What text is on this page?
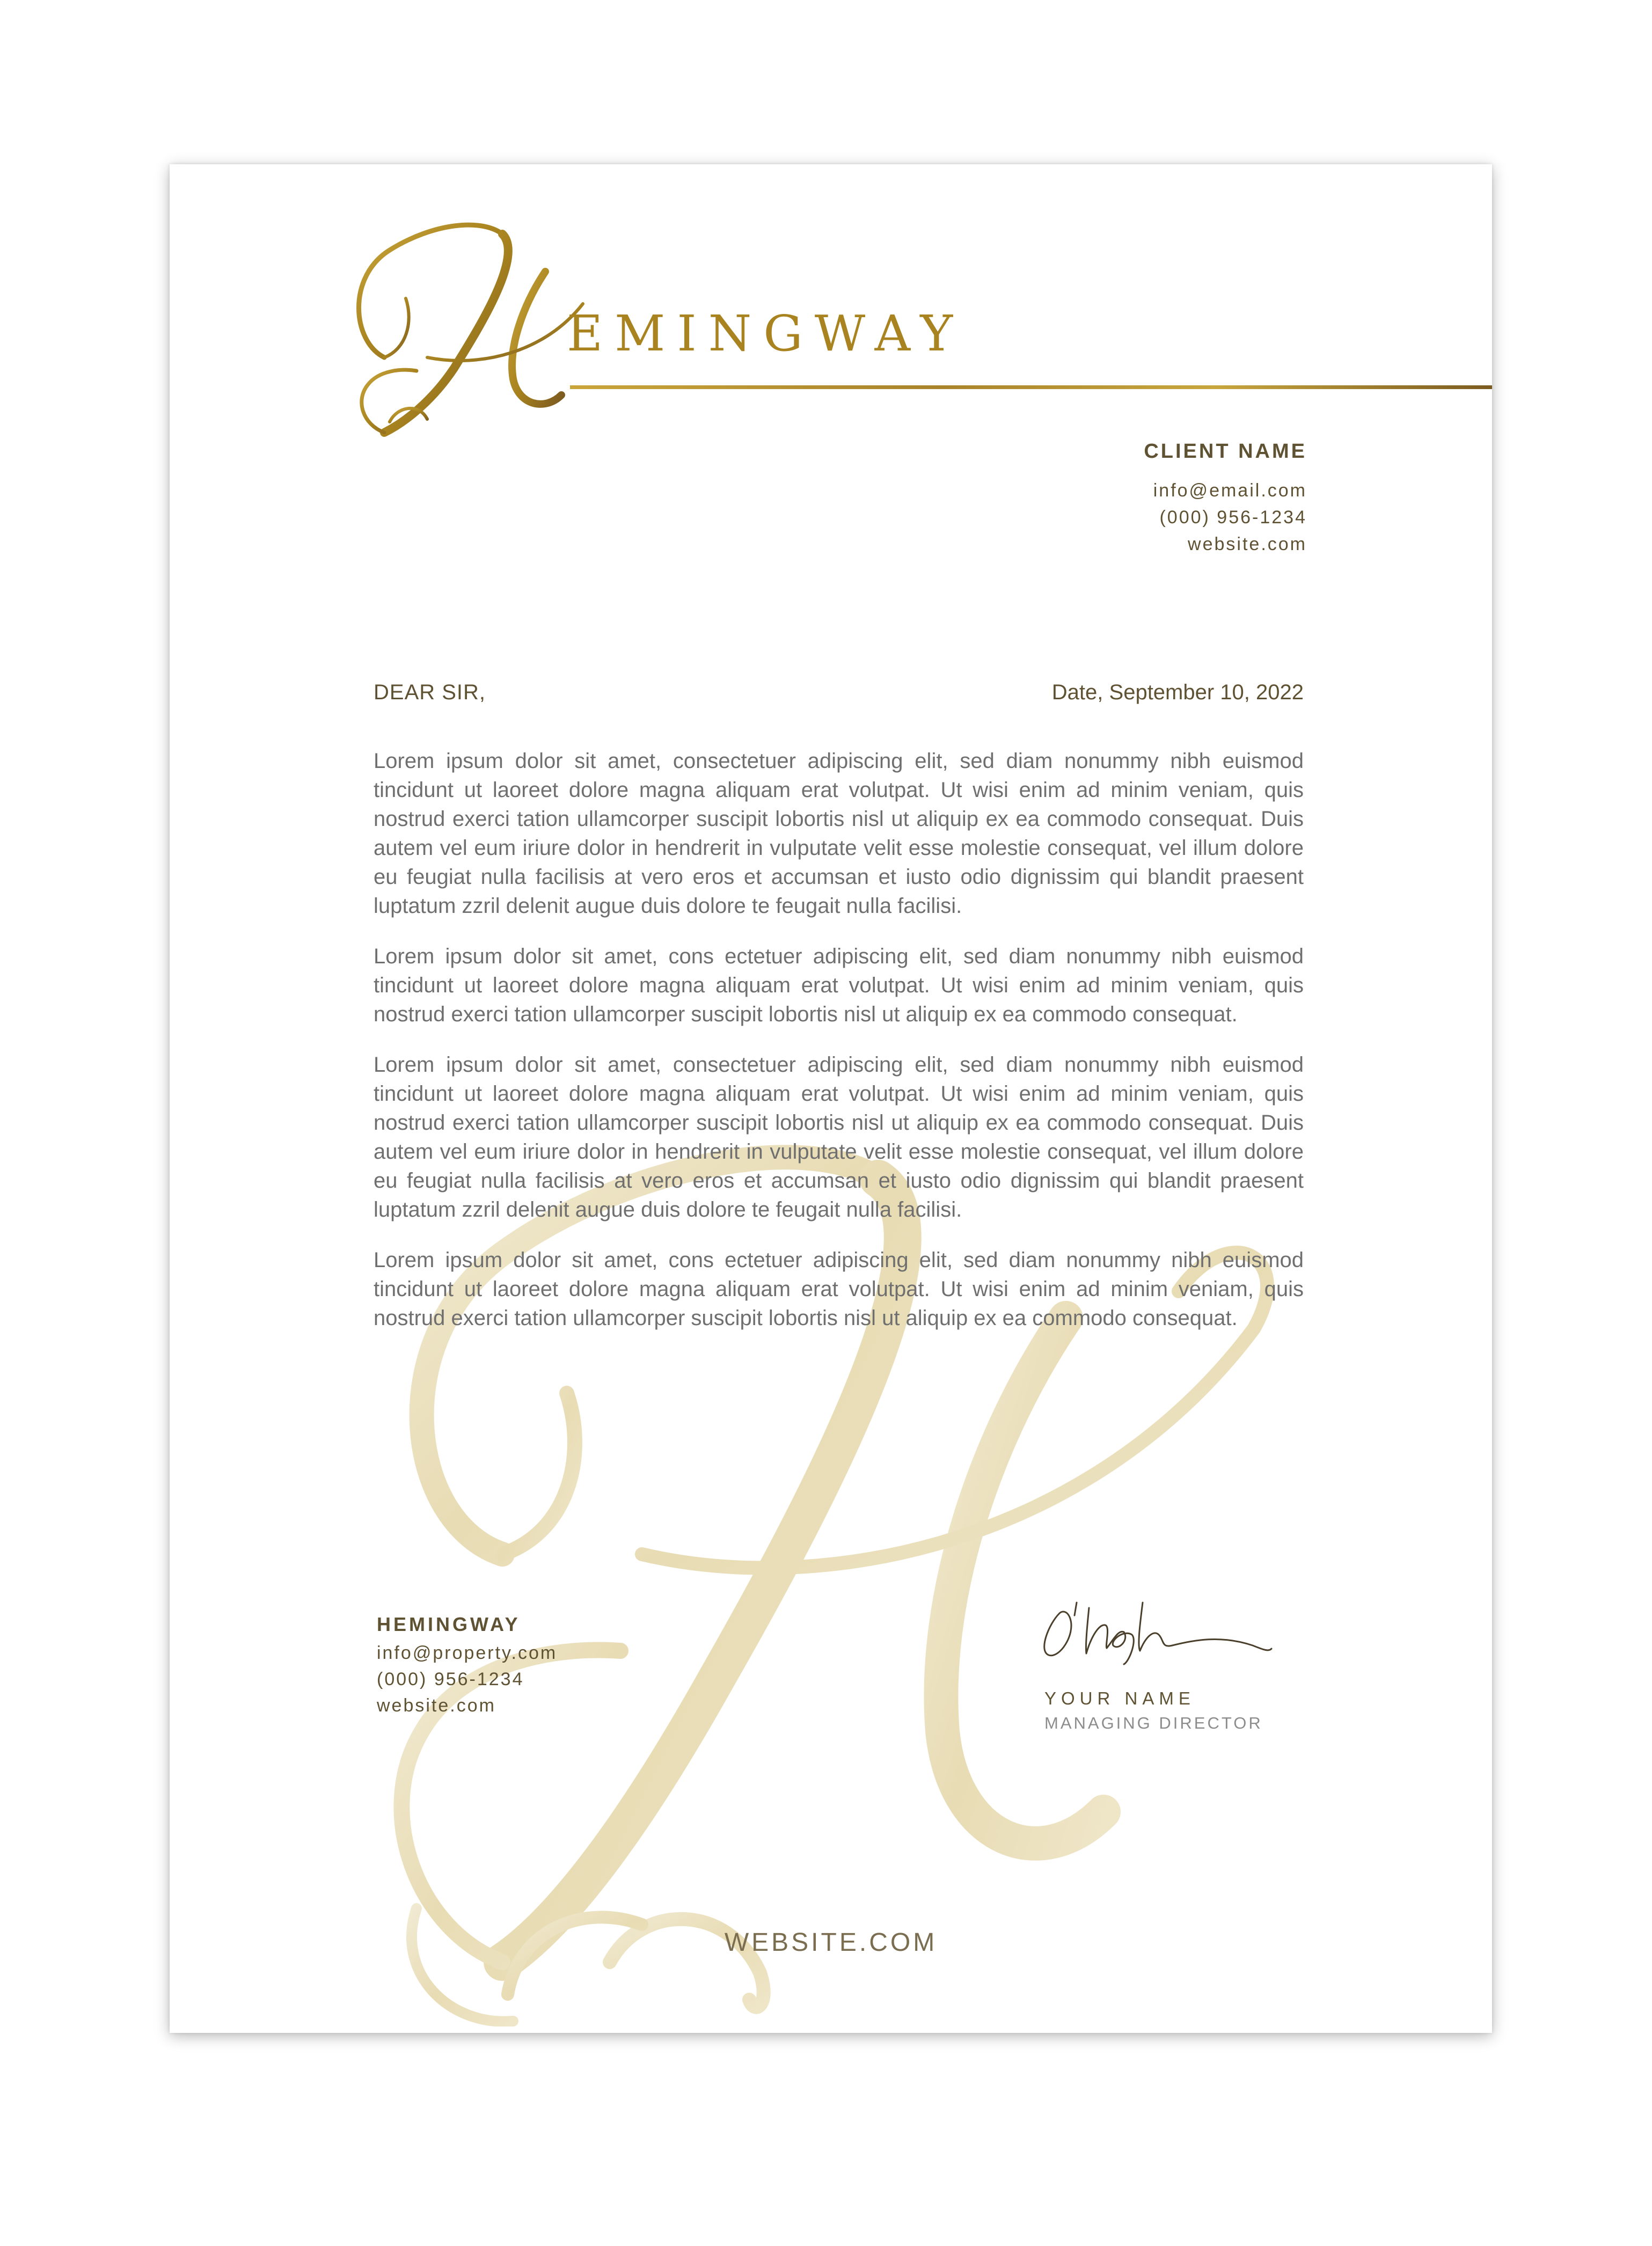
EMINGWAY
CLIENT NAME
info@email.com
(000) 956-1234
website.com
DEAR SIR,	Date, September 10, 2022

Lorem ipsum dolor sit amet, consectetuer adipiscing elit, sed diam nonummy nibh euismod tincidunt ut laoreet dolore magna aliquam erat volutpat. Ut wisi enim ad minim veniam, quis nostrud exerci tation ullamcorper suscipit lobortis nisl ut aliquip ex ea commodo consequat. Duis autem vel eum iriure dolor in hendrerit in vulputate velit esse molestie consequat, vel illum dolore eu feugiat nulla facilisis at vero eros et accumsan et iusto odio dignissim qui blandit praesent luptatum zzril delenit augue duis dolore te feugait nulla facilisi.

Lorem ipsum dolor sit amet, cons ectetuer adipiscing elit, sed diam nonummy nibh euismod tincidunt ut laoreet dolore magna aliquam erat volutpat. Ut wisi enim ad minim veniam, quis nostrud exerci tation ullamcorper suscipit lobortis nisl ut aliquip ex ea commodo consequat.

Lorem ipsum dolor sit amet, consectetuer adipiscing elit, sed diam nonummy nibh euismod tincidunt ut laoreet dolore magna aliquam erat volutpat. Ut wisi enim ad minim veniam, quis nostrud exerci tation ullamcorper suscipit lobortis nisl ut aliquip ex ea commodo consequat. Duis autem vel eum iriure dolor in hendrerit in vulputate velit esse molestie consequat, vel illum dolore eu feugiat nulla facilisis at vero eros et accumsan et iusto odio dignissim qui blandit praesent luptatum zzril delenit augue duis dolore te feugait nulla facilisi.

Lorem ipsum dolor sit amet, cons ectetuer adipiscing elit, sed diam nonummy nibh euismod tincidunt ut laoreet dolore magna aliquam erat volutpat. Ut wisi enim ad minim veniam, quis nostrud exerci tation ullamcorper suscipit lobortis nisl ut aliquip ex ea commodo consequat.

HEMINGWAY
info@property.com
(000) 956-1234
website.com	YOUR NAME
MANAGING DIRECTOR
WEBSITE.COM
